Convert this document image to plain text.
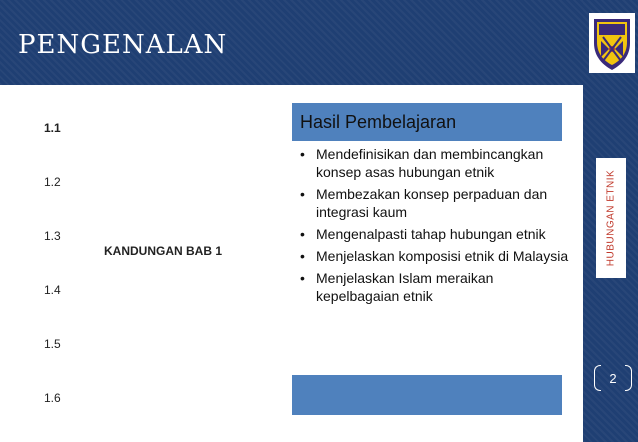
PENGENALAN
HUBUNGAN ETNIK
2
1.1
1.2
1.3
1.4
1.5
1.6
KANDUNGAN BAB 1
Hasil Pembelajaran
• Mendefinisikan dan membincangkan konsep asas hubungan etnik
• Membezakan konsep perpaduan dan integrasi kaum
• Mengenalpasti tahap hubungan etnik
• Menjelaskan komposisi etnik di Malaysia
• Menjelaskan Islam meraikan kepelbagaian etnik
